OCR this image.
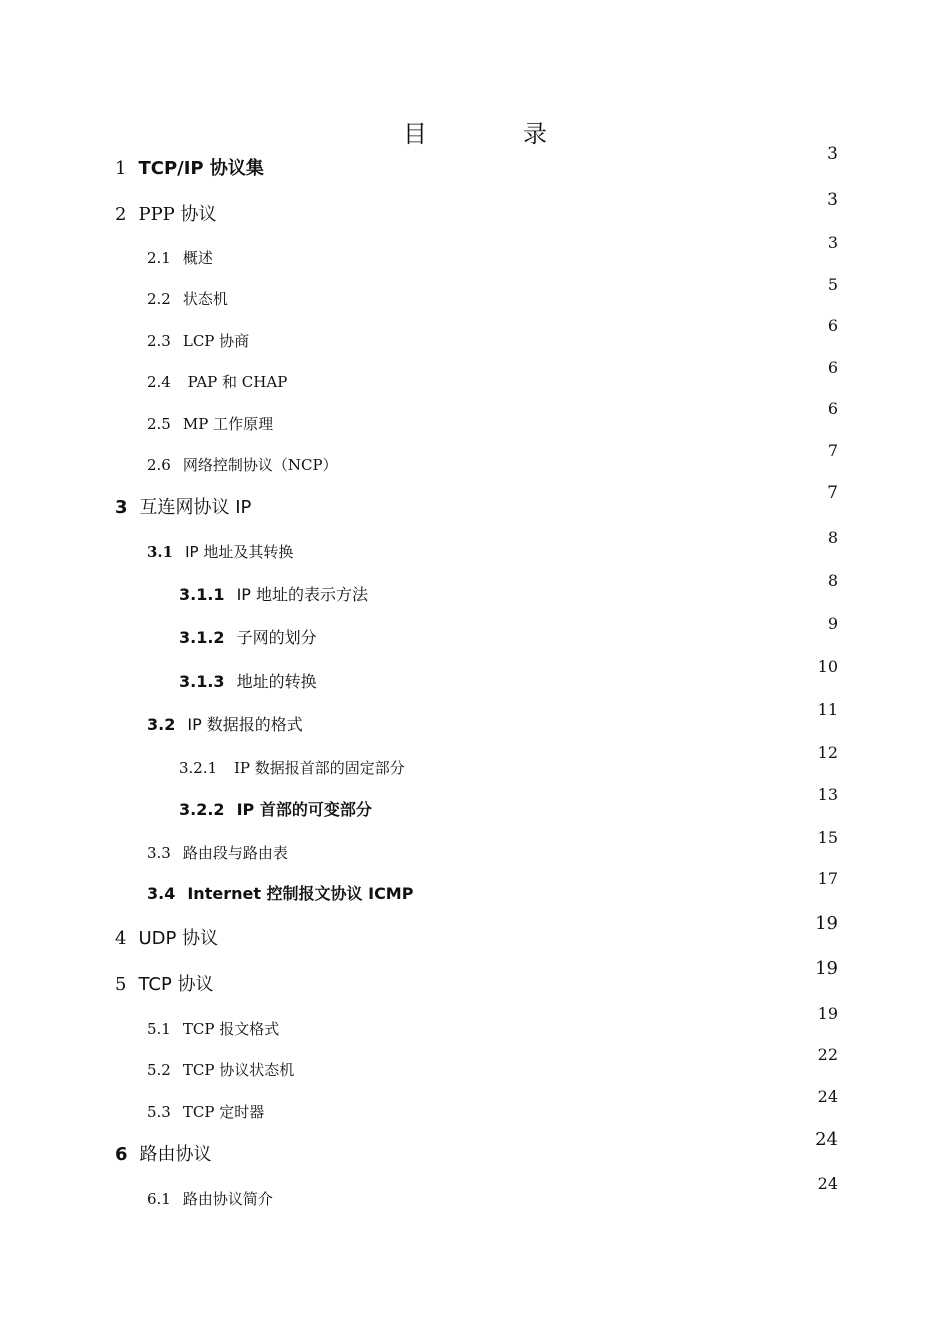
目　录
1 TCP/IP 协议集
3
2 PPP 协议
3
2.1 概述
3
2.2 状态机
5
2.3 LCP 协商
6
2.4 PAP 和 CHAP
6
2.5 MP 工作原理
6
2.6 网络控制协议（NCP）
7
3 互连网协议 IP
7
3.1 IP 地址及其转换
8
3.1.1 IP 地址的表示方法
8
3.1.2 子网的划分
9
3.1.3 地址的转换
10
3.2 IP 数据报的格式
11
3.2.1 IP 数据报首部的固定部分
12
3.2.2 IP 首部的可变部分
13
3.3 路由段与路由表
15
3.4 Internet 控制报文协议 ICMP
17
4 UDP 协议
19
5 TCP 协议
19
5.1 TCP 报文格式
19
5.2 TCP 协议状态机
22
5.3 TCP 定时器
24
6 路由协议
24
6.1 路由协议简介
24
